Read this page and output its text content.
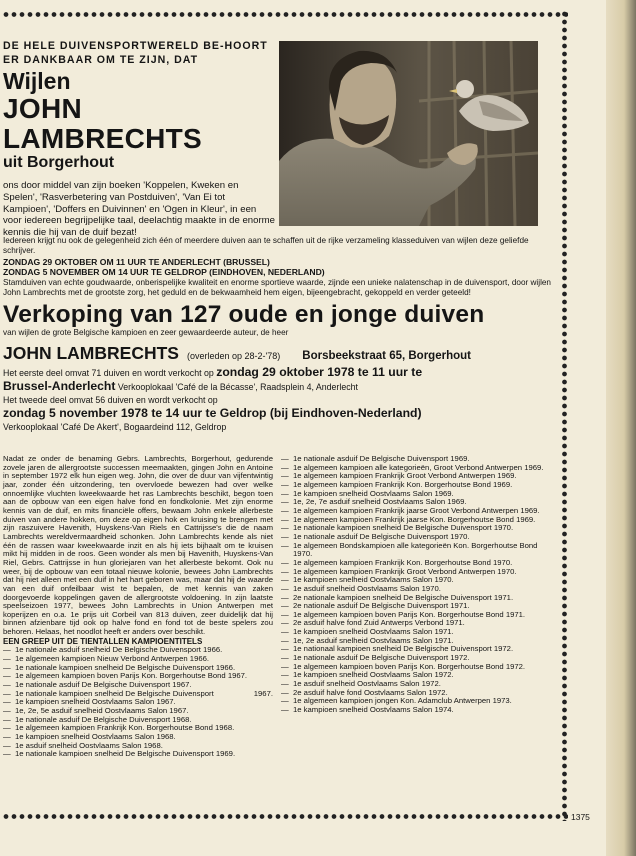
DE HELE DUIVENSPORTWERELD BE-HOORT ER DANKBAAR OM TE ZIJN, DAT
Wijlen
JOHN LAMBRECHTS
uit Borgerhout
ons door middel van zijn boeken 'Koppelen, Kweken en Spelen', 'Rasverbetering van Postduiven', 'Van Ei tot Kampioen', 'Doffers en Duivinnen' en 'Ogen in Kleur', in een voor iedereen begrijpelijke taal, deelachtig maakte in de enorme kennis die hij van de duif bezat!
Iedereen krijgt nu ook de gelegenheid zich één of meerdere duiven aan te schaffen uit de rijke verzameling klasseduiven van wijlen deze geliefde schrijver.
ZONDAG 29 OKTOBER OM 11 UUR TE ANDERLECHT (BRUSSEL)
ZONDAG 5 NOVEMBER OM 14 UUR TE GELDROP (EINDHOVEN, NEDERLAND)
Stamduiven van echte goudwaarde, onberispelijke kwaliteit en enorme sportieve waarde, zijnde een unieke nalatenschap in de duivensport, door wijlen John Lambrechts met de grootste zorg, het geduld en de bekwaamheid hem eigen, bijeengebracht, gekoppeld en verder geteeld!
Verkoping van 127 oude en jonge duiven
van wijlen de grote Belgische kampioen en zeer gewaardeerde auteur, de heer
JOHN LAMBRECHTS (overleden op 28-2-'78) Borsbeekstraat 65, Borgerhout
Het eerste deel omvat 71 duiven en wordt verkocht op zondag 29 oktober 1978 te 11 uur te
Brussel-Anderlecht Verkooplokaal 'Café de la Bécasse', Raadsplein 4, Anderlecht
Het tweede deel omvat 56 duiven en wordt verkocht op
zondag 5 november 1978 te 14 uur te Geldrop (bij Eindhoven-Nederland)
Verkooplokaal 'Café De Akert', Bogaardeind 112, Geldrop
Nadat ze onder de benaming Gebrs. Lambrechts, Borgerhout, gedurende zovele jaren de allergrootste successen meemaakten, gingen John en Antoine in september 1972 elk hun eigen weg. John, die over de duur van vijfentwintig jaar, zonder één uitzondering, ten overvloede bewezen had over welke onnoemlijke vluchten kweekwaarde het ras Lambrechts beschikt, begon toen aan de opbouw van een eigen halve fond en fondkolonie. Met zijn enorme kennis van de duif, en mits financiële offers, bewaam John enkele allerbeste duiven van andere hokken, om deze op eigen hok en kruising te brengen met zijn raszuivere Havenith, Huyskens-Van Riels en Cattrijsse's die de naam Lambrechts wereldvermaardheid schonken. John Lambrechts kende als niet één de rassen waar kweekwaarde inzit en als hij iets bijhaalt om te kruisen mikt hij midden in de roos. Geen wonder als men bij Havenith, Huyskens-Van Riel, Gebrs. Cattrijsse in hun gloriejaren van het allerbeste bekomt. Ook nu weer, bij de opbouw van een totaal nieuwe kolonie, bewees John Lambrechts dat hij niet alleen met een duif in het hart geboren was, maar dat hij de waarde van een duif onfeilbaar wist te bepalen, de met kennis van zaken doorgevoerde koppelingen gaven de allergrootste voldoening. In zijn laatste speelseizoen 1977, bewees John Lambrechts in Union Antwerpen met koperijzen en o.a. 1e prijs uit Corbeil van 813 duiven, zeer duidelijk dat hij binnen afzienbare tijd ook op halve fond en fond tot de beste spelers zou behoren. Helaas, het noodlot heeft er anders over beschikt.
EEN GREEP UIT DE TIENTALLEN KAMPIOENTITELS
— 1e nationale asduif snelheid De Belgische Duivensport 1966.
— 1e algemeen kampioen Nieuw Verbond Antwerpen 1966.
— 1e nationale kampioen snelheid De Belgische Duivensport 1966.
— 1e algemeen kampioen boven Parijs Kon. Borgerhoutse Bond 1967.
— 1e nationale asduif De Belgische Duivensport 1967.
— 1e nationale kampioen snelheid De Belgische Duivensport	1967.
— 1e kampioen snelheid Oostvlaams Salon 1967.
— 1e, 2e, 5e asduif snelheid Oostvlaams Salon 1967.
— 1e nationale asduif De Belgische Duivensport 1968.
— 1e algemeen kampioen Frankrijk Kon. Borgerhoutse Bond 1968.
— 1e kampioen snelheid Oostvlaams Salon 1968.
— 1e asduif snelheid Oostvlaams Salon 1968.
— 1e nationale kampioen snelheid De Belgische Duivensport 1969.
— 1e nationale asduif De Belgische Duivensport 1969.
— 1e algemeen kampioen alle kategorieën, Groot Verbond Antwerpen 1969.
— 1e algemeen kampioen Frankrijk Groot Verbond Antwerpen 1969.
— 1e algemeen kampioen Frankrijk Kon. Borgerhoutse Bond 1969.
— 1e kampioen snelheid Oostvlaams Salon 1969.
— 1e, 2e, 7e asduif snelheid Oostvlaams Salon 1969.
— 1e algemeen kampioen Frankrijk jaarse Groot Verbond Antwerpen 1969.
— 1e algemeen kampioen Frankrijk jaarse Kon. Borgerhoutse Bond 1969.
— 1e nationale kampioen snelheid De Belgische Duivensport 1970.
— 1e nationale asduif De Belgische Duivensport 1970.
— 1e algemeen Bondskampioen alle kategorieën Kon. Borgerhoutse Bond 1970.
— 1e algemeen kampioen Frankrijk Kon. Borgerhoutse Bond 1970.
— 1e algemeen kampioen Frankrijk Groot Verbond Antwerpen 1970.
— 1e kampioen snelheid Oostvlaams Salon 1970.
— 1e asduif snelheid Oostvlaams Salon 1970.
— 2e nationale kampioen snelheid De Belgische Duivensport 1971.
— 2e nationale asduif De Belgische Duivensport 1971.
— 1e algemeen kampioen boven Parijs Kon. Borgerhoutse Bond 1971.
— 2e asduif halve fond Zuid Antwerps Verbond 1971.
— 1e kampioen snelheid Oostvlaams Salon 1971.
— 1e, 2e asduif snelheid Oostvlaams Salon 1971.
— 1e nationaal kampioen snelheid De Belgische Duivensport 1972.
— 1e nationale asduif De Belgische Duivensport 1972.
— 1e algemeen kampioen boven Parijs Kon. Borgerhoutse Bond 1972.
— 1e kampioen snelheid Oostvlaams Salon 1972.
— 1e asduif snelheid Oostvlaams Salon 1972.
— 2e asduif halve fond Oostvlaams Salon 1972.
— 1e algemeen kampioen jongen Kon. Adamclub Antwerpen 1973.
— 1e kampioen snelheid Oostvlaams Salon 1974.
1375
